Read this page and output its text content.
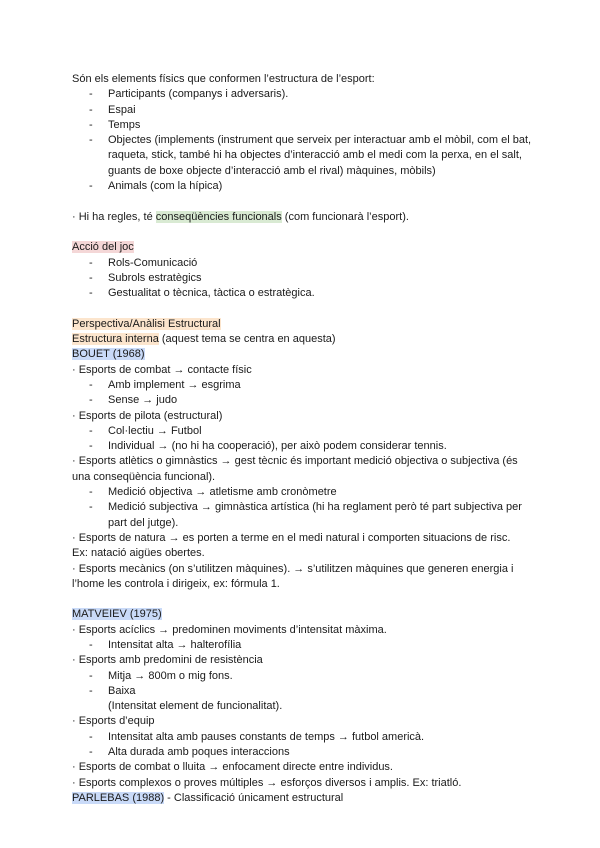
Són els elements físics que conformen l’estructura de l’esport:
- Participants (companys i adversaris).
- Espai
- Temps
- Objectes (implements (instrument que serveix per interactuar amb el mòbil, com el bat, raqueta, stick, també hi ha objectes d’interacció amb el medi com la perxa, en el salt, guants de boxe objecte d’interacció amb el rival) màquines, mòbils)
- Animals (com la hípica)
· Hi ha regles, té conseqüències funcionals (com funcionarà l’esport).
Acció del joc
- Rols-Comunicació
- Subrols estratègics
- Gestualitat o tècnica, tàctica o estratègica.
Perspectiva/Anàlisi Estructural
Estructura interna (aquest tema se centra en aquesta)
BOUET (1968)
· Esports de combat → contacte físic
- Amb implement → esgrima
- Sense → judo
· Esports de pilota (estructural)
- Col·lectiu → Futbol
- Individual → (no hi ha cooperació), per això podem considerar tennis.
· Esports atlètics o gimnàstics → gest tècnic és important medició objectiva o subjectiva (és una conseqüència funcional).
- Medició objectiva → atletisme amb cronòmetre
- Medició subjectiva → gimnàstica artística (hi ha reglament però té part subjectiva per part del jutge).
· Esports de natura → es porten a terme en el medi natural i comporten situacions de risc.
Ex: natació aigües obertes.
· Esports mecànics (on s’utilitzen màquines). → s’utilitzen màquines que generen energia i l’home les controla i dirigeix, ex: fórmula 1.
MATVEIEV (1975)
· Esports acíclics → predominen moviments d’intensitat màxima.
- Intensitat alta → halterofília
· Esports amb predomini de resistència
- Mitja → 800m o mig fons.
- Baixa
(Intensitat element de funcionalitat).
· Esports d’equip
- Intensitat alta amb pauses constants de temps → futbol americà.
- Alta durada amb poques interaccions
· Esports de combat o lluita → enfocament directe entre individus.
· Esports complexos o proves múltiples → esforços diversos i amplis. Ex: triatló.
PARLEBAS (1988) - Classificació únicament estructural
